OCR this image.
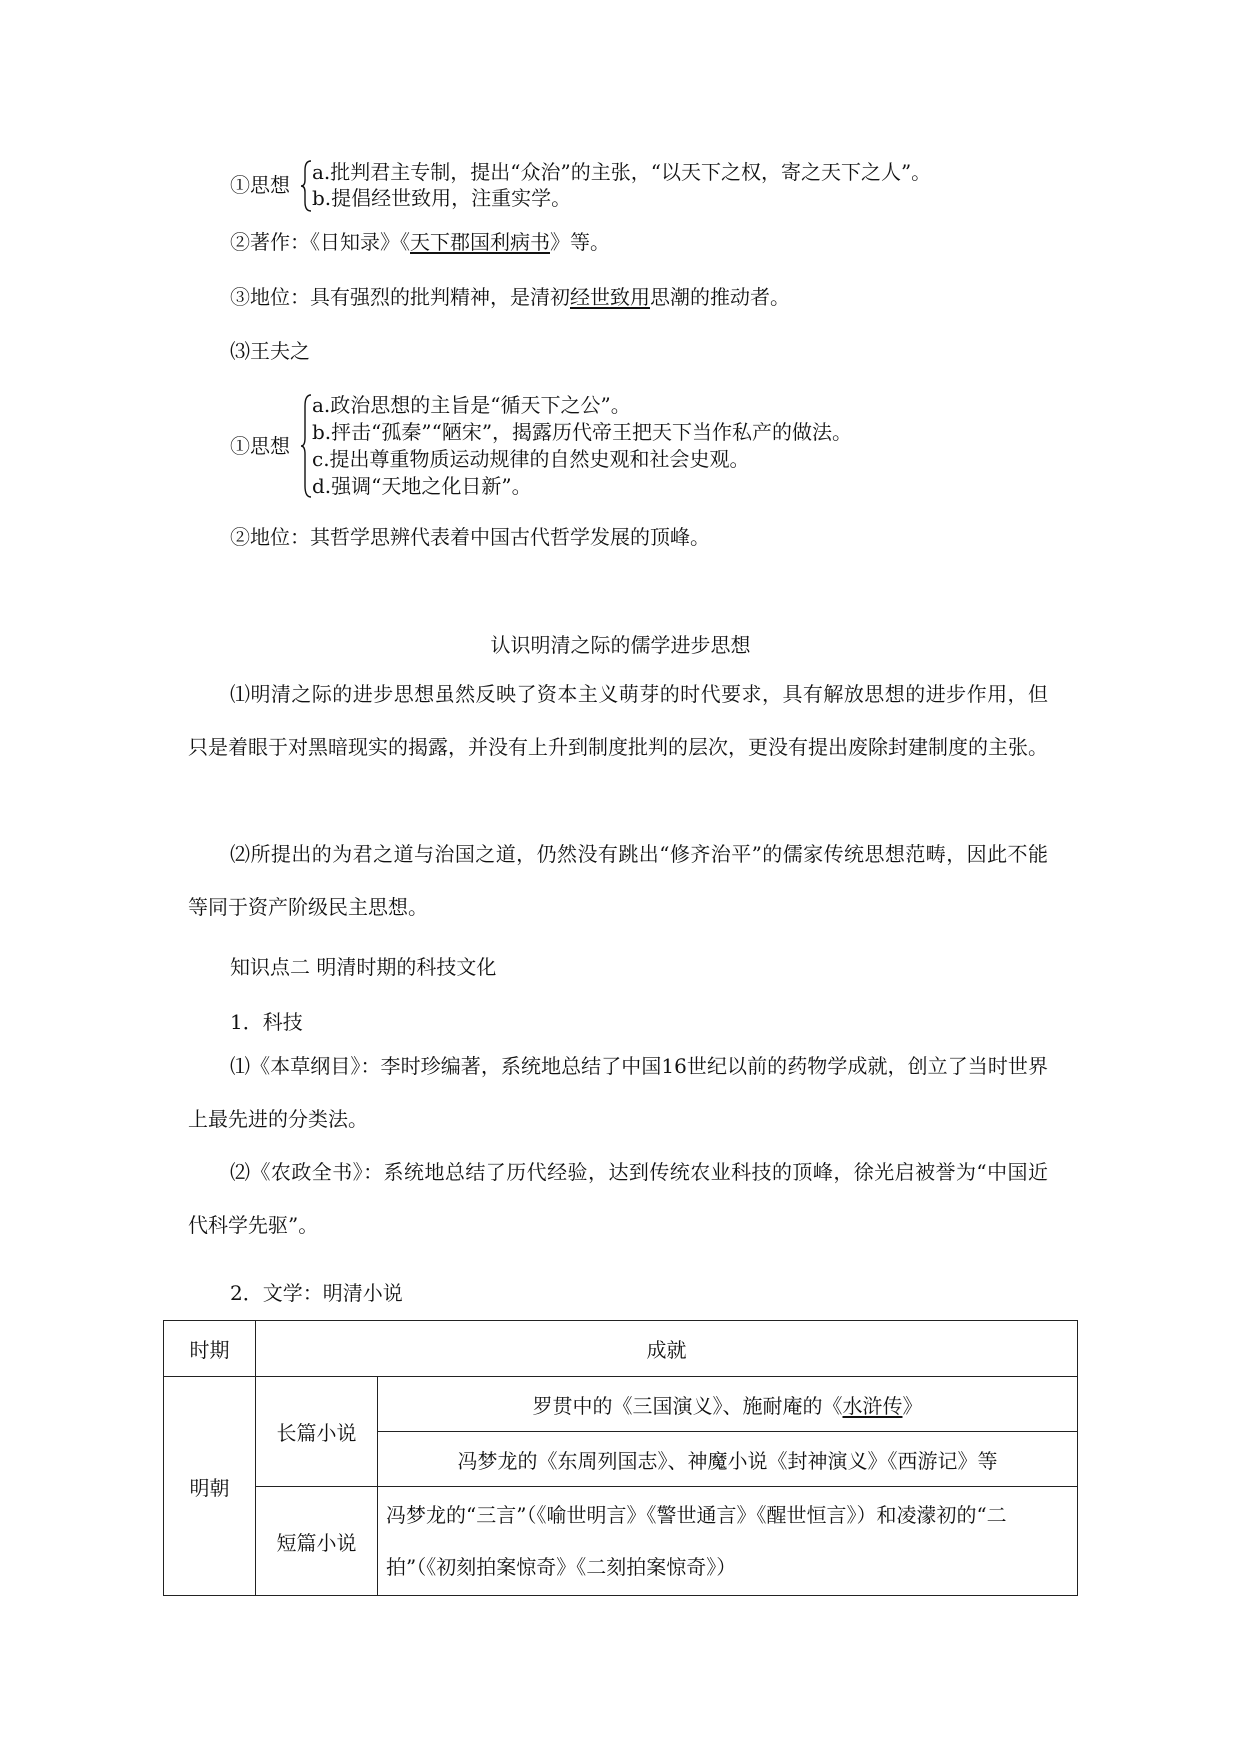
①思想
a.批判君主专制，提出“众治”的主张，“以天下之权，寄之天下之人”。
b.提倡经世致用，注重实学。
②著作：《日知录》《天下郡国利病书》等。
③地位：具有强烈的批判精神，是清初经世致用思潮的推动者。
⑶王夫之
①思想
a.政治思想的主旨是“循天下之公”。
b.抨击“孤秦”“陋宋”，揭露历代帝王把天下当作私产的做法。
c.提出尊重物质运动规律的自然史观和社会史观。
d.强调“天地之化日新”。
②地位：其哲学思辨代表着中国古代哲学发展的顶峰。
认识明清之际的儒学进步思想

⑴明清之际的进步思想虽然反映了资本主义萌芽的时代要求，具有解放思想的进步作用，但只是着眼于对黑暗现实的揭露，并没有上升到制度批判的层次，更没有提出废除封建制度的主张。

⑵所提出的为君之道与治国之道，仍然没有跳出“修齐治平”的儒家传统思想范畴，因此不能等同于资产阶级民主思想。

知识点二 明清时期的科技文化
1．科技

⑴《本草纲目》：李时珍编著，系统地总结了中国16世纪以前的药物学成就，创立了当时世界上最先进的分类法。

⑵《农政全书》：系统地总结了历代经验，达到传统农业科技的顶峰，徐光启被誉为“中国近代科学先驱”。

2．文学：明清小说
时期	成就	
明朝	长篇小说	罗贯中的《三国演义》、施耐庵的《水浒传》
		冯梦龙的《东周列国志》、神魔小说《封神演义》《西游记》等
	短篇小说	冯梦龙的“三言”（《喻世明言》《警世通言》《醒世恒言》）和凌濛初的“二拍”（《初刻拍案惊奇》《二刻拍案惊奇》）
